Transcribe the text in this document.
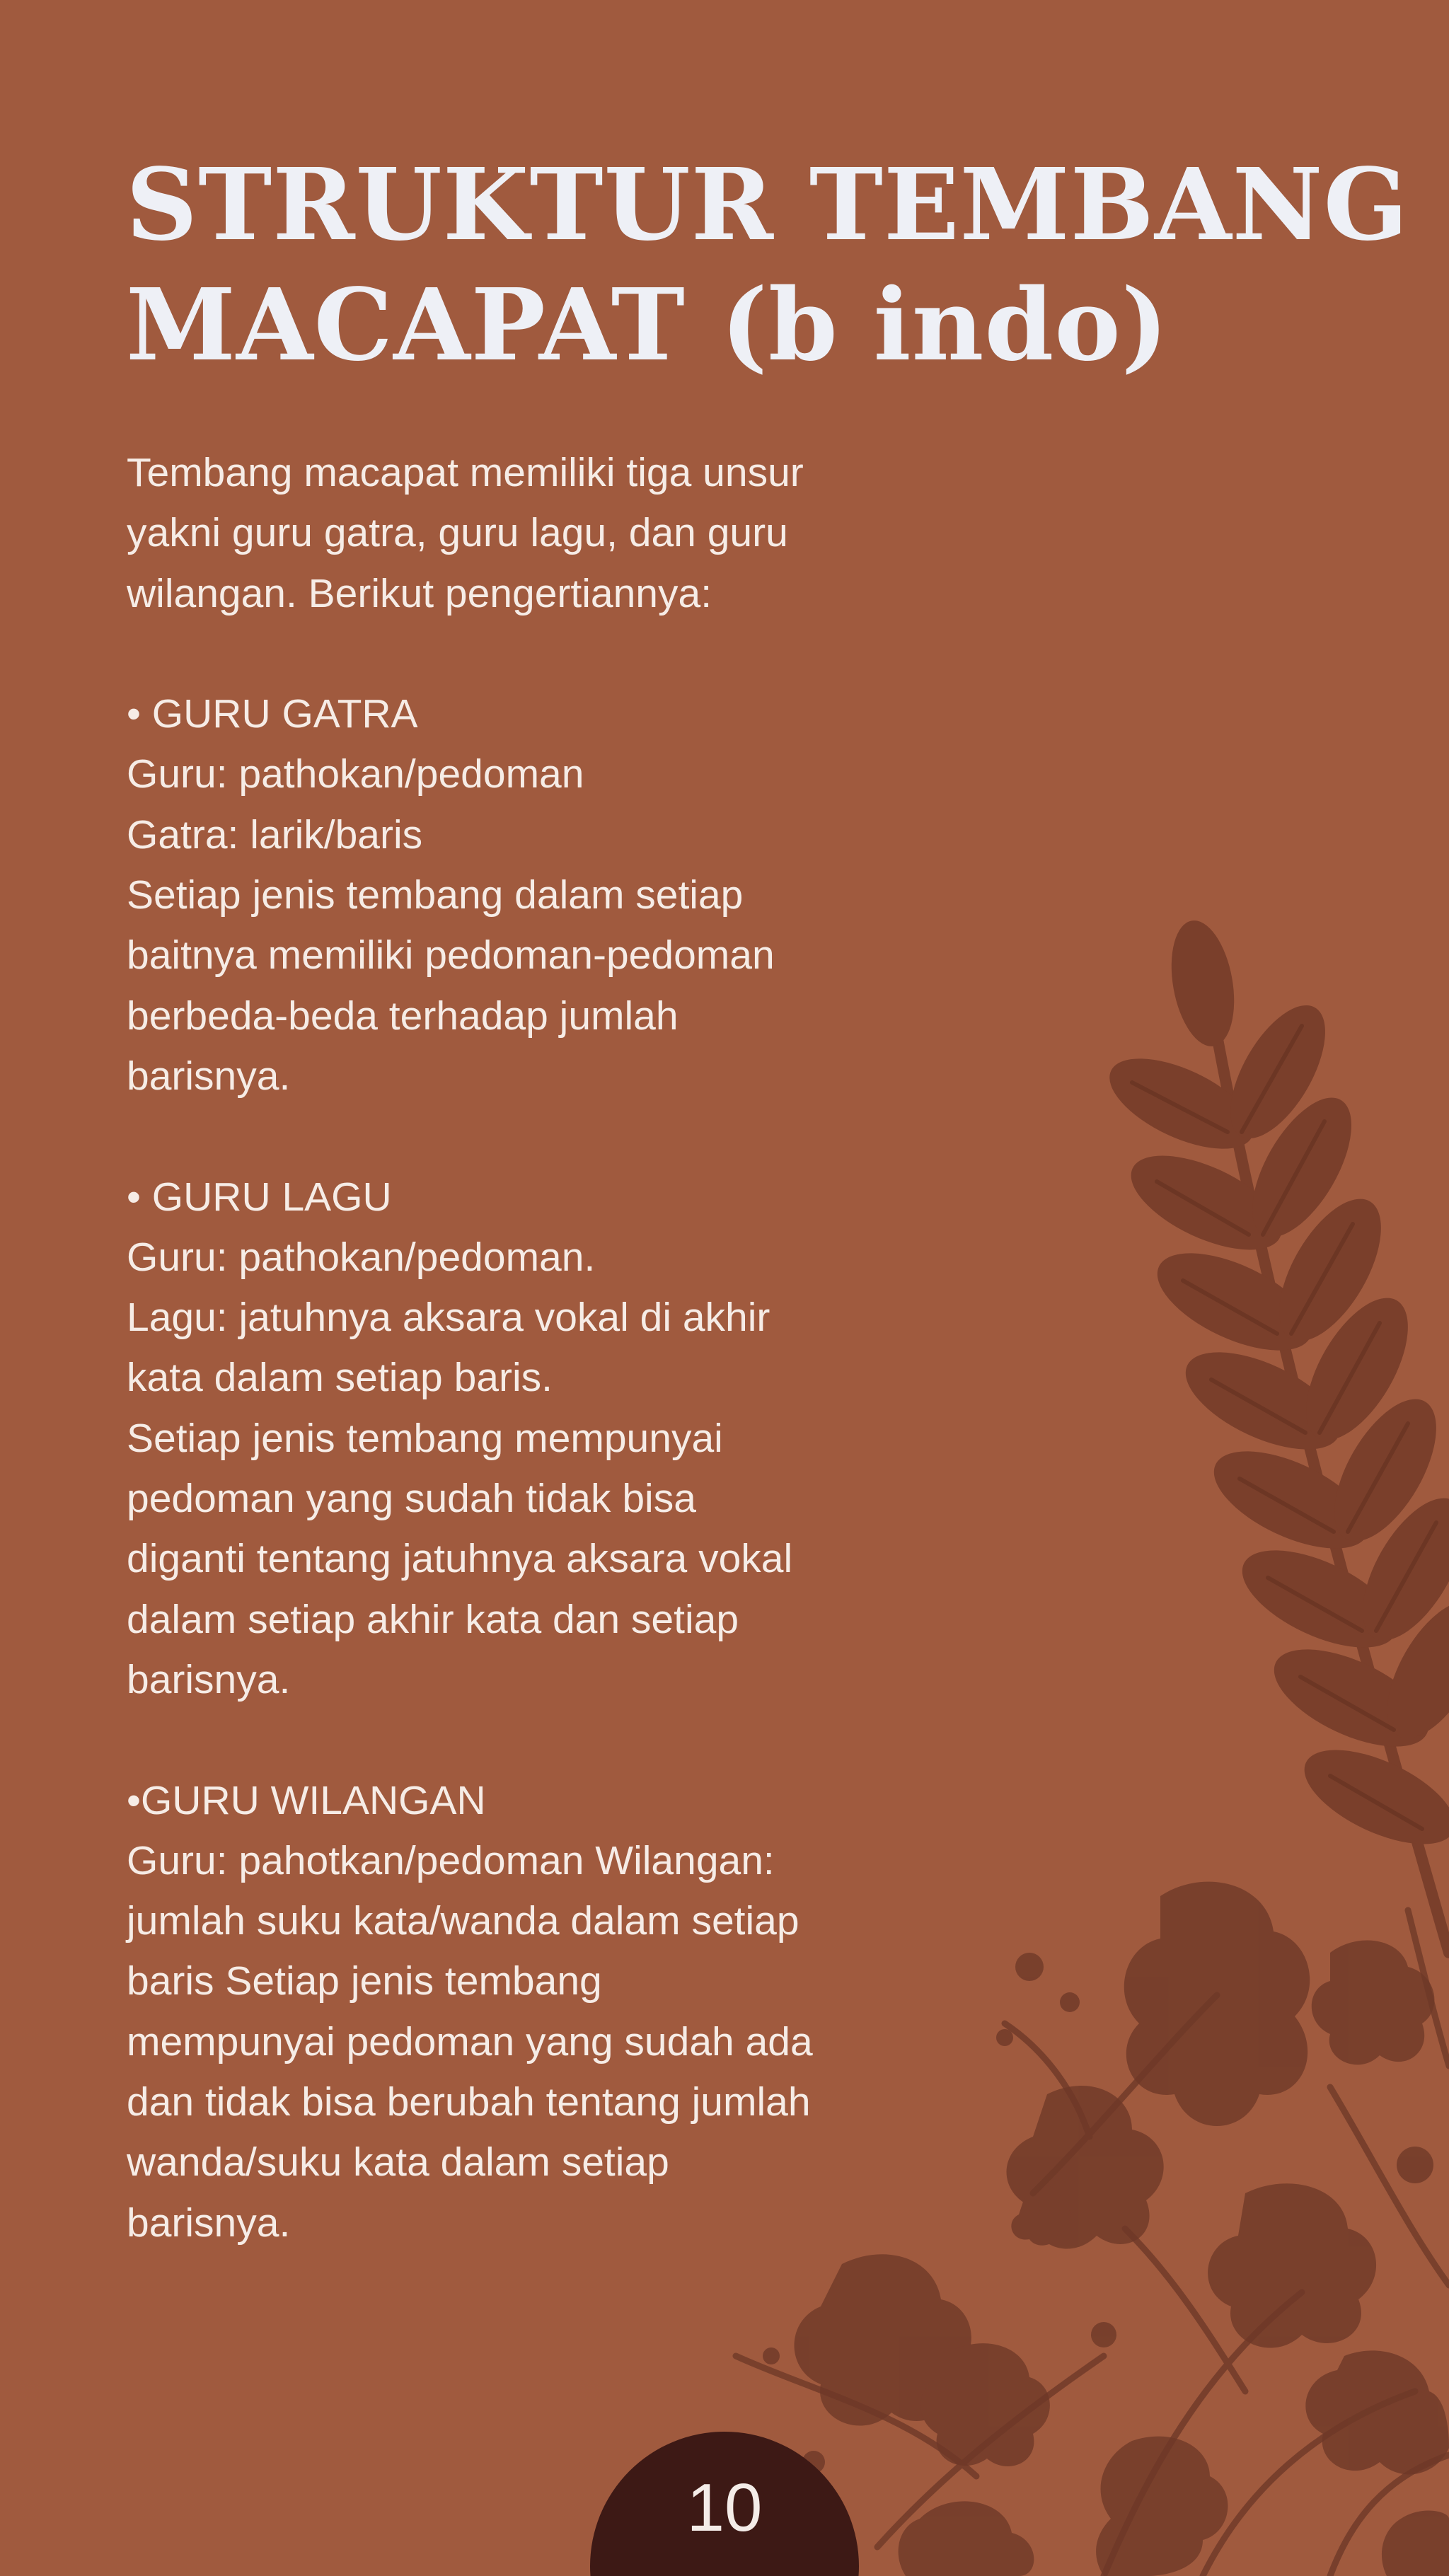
STRUKTUR TEMBANG
MACAPAT (b indo)
Tembang macapat memiliki tiga unsur
yakni guru gatra, guru lagu, dan guru
wilangan. Berikut pengertiannya:
• GURU GATRA
Guru: pathokan/pedoman
Gatra: larik/baris
Setiap jenis tembang dalam setiap
baitnya memiliki pedoman-pedoman
berbeda-beda terhadap jumlah
barisnya.
• GURU LAGU
Guru: pathokan/pedoman.
Lagu: jatuhnya aksara vokal di akhir
kata dalam setiap baris.
Setiap jenis tembang mempunyai
pedoman yang sudah tidak bisa
diganti tentang jatuhnya aksara vokal
dalam setiap akhir kata dan setiap
barisnya.
•GURU WILANGAN
Guru: pahotkan/pedoman Wilangan:
jumlah suku kata/wanda dalam setiap
baris Setiap jenis tembang
mempunyai pedoman yang sudah ada
dan tidak bisa berubah tentang jumlah
wanda/suku kata dalam setiap
barisnya.
10
